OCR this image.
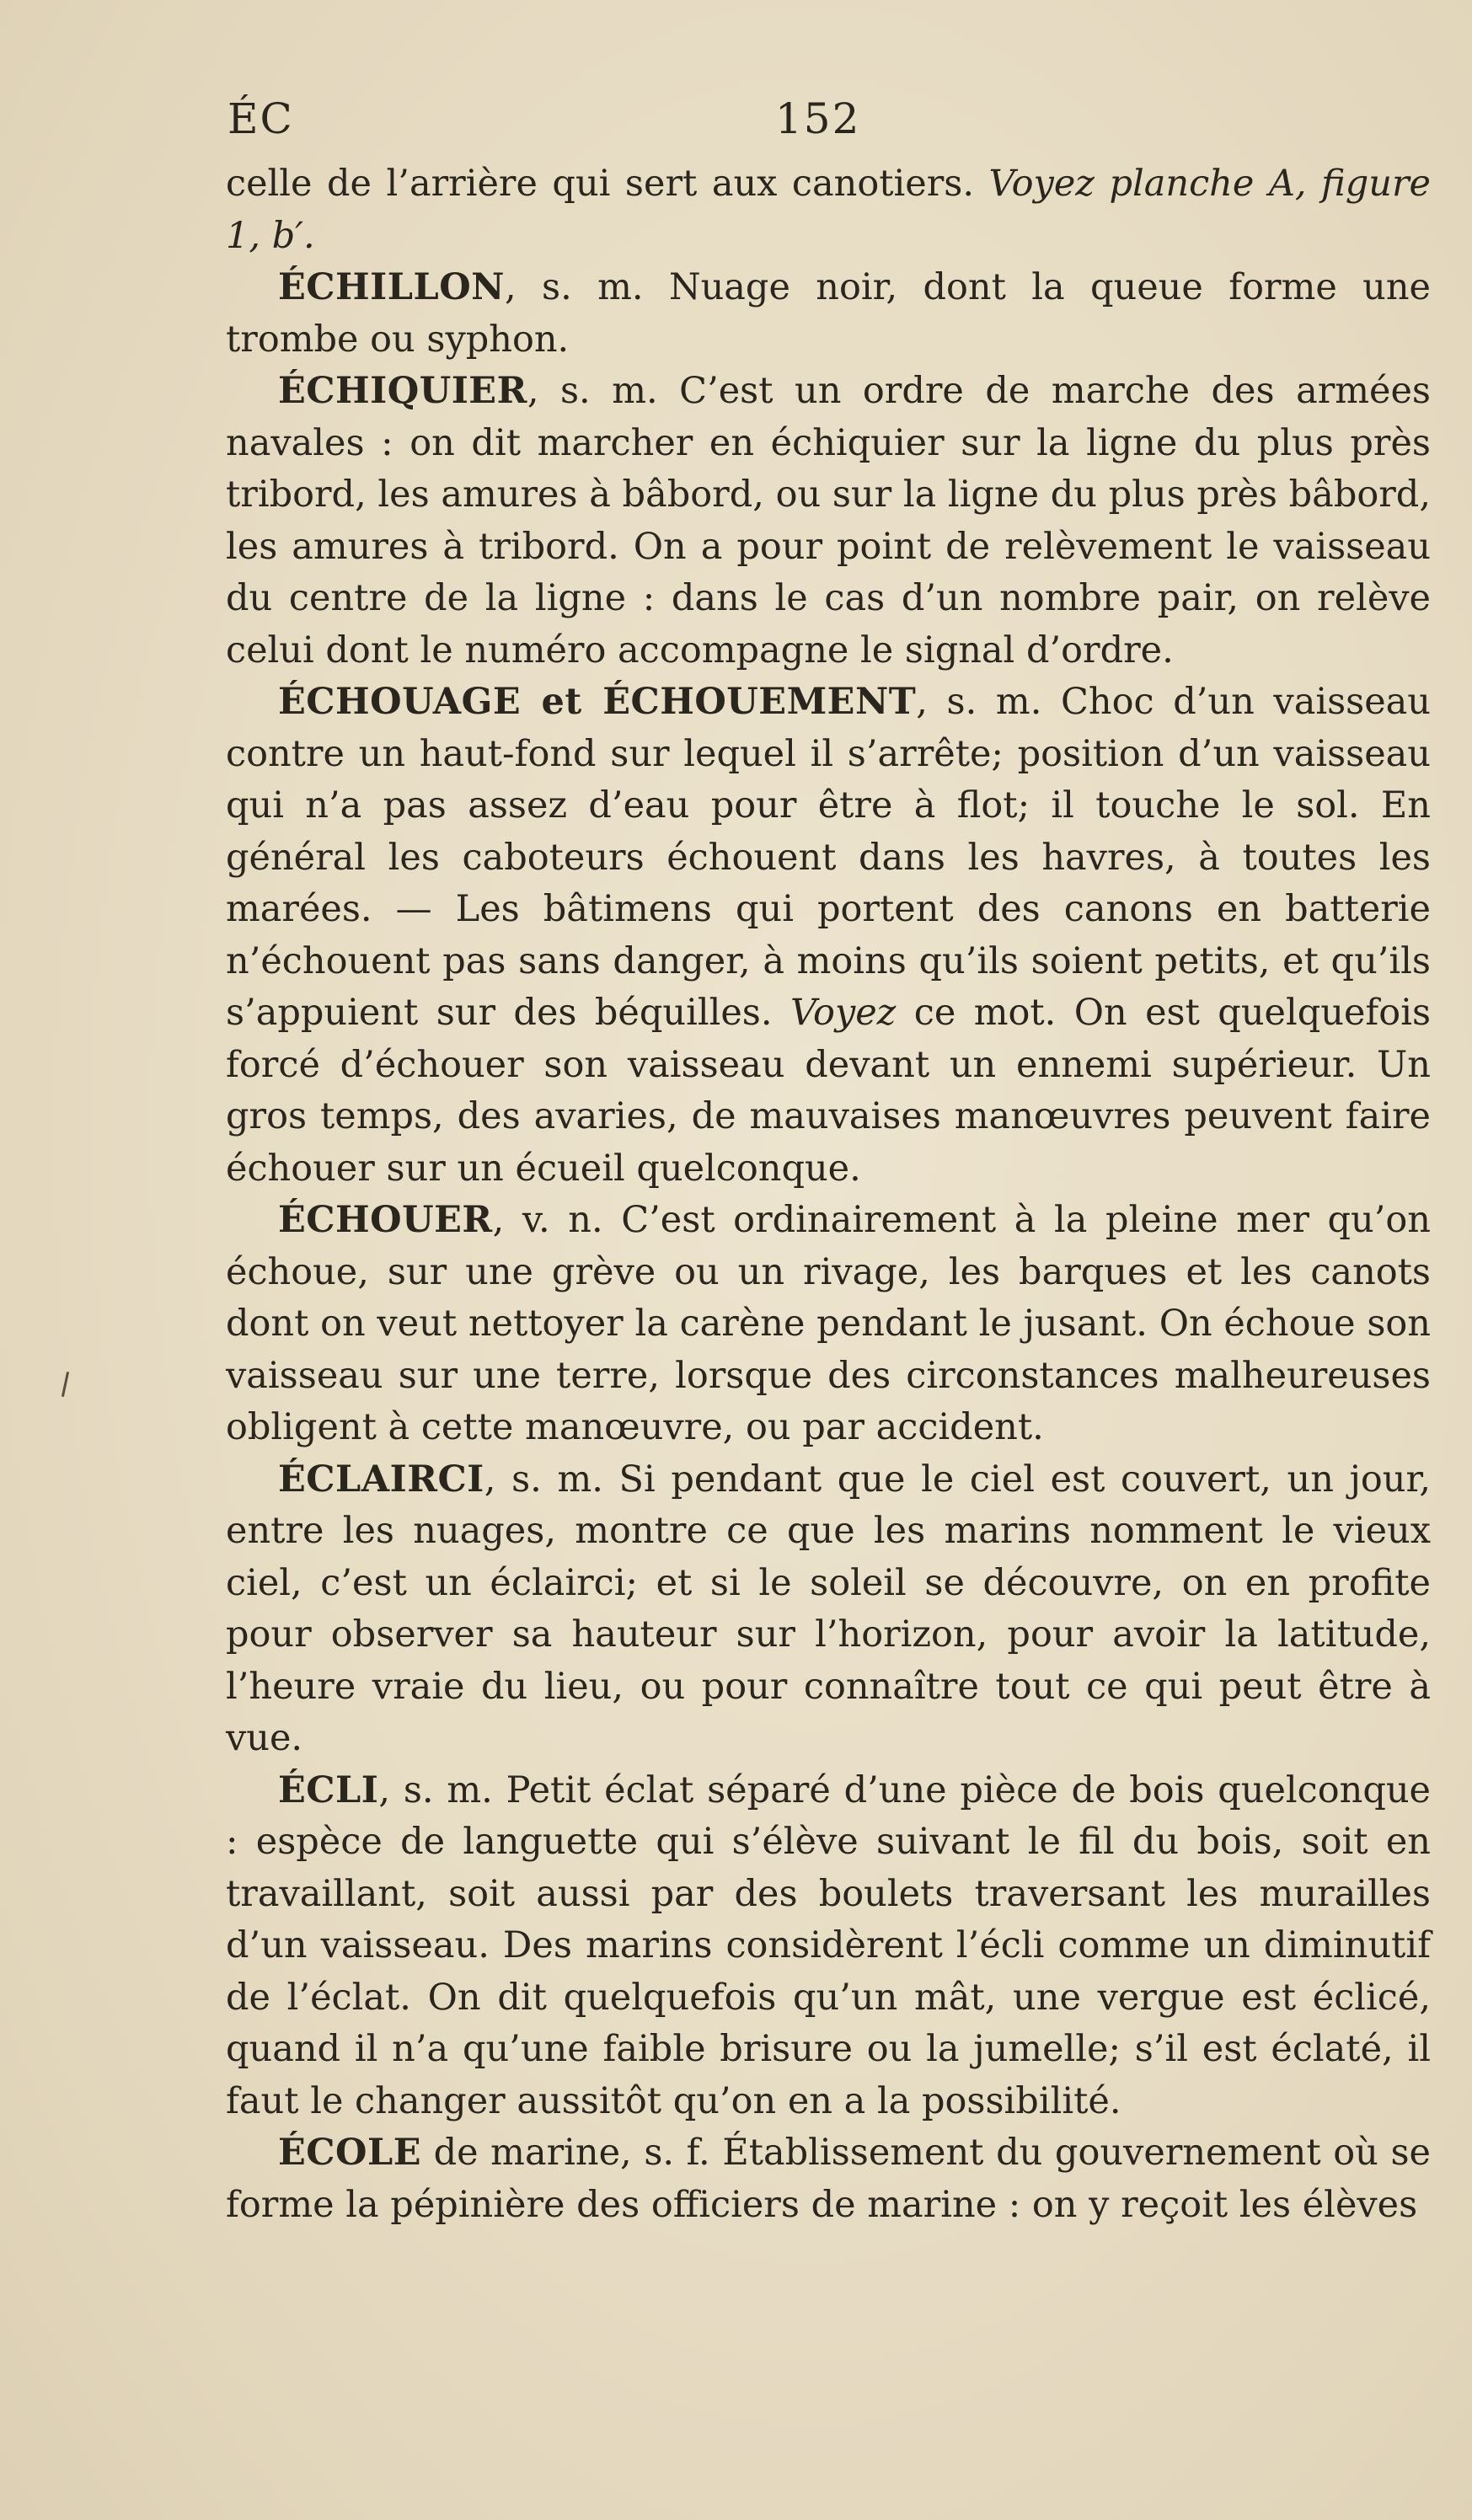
ÉC	152

celle de l’arrière qui sert aux canotiers. Voyez planche A, figure 1, b′.

ÉCHILLON, s. m. Nuage noir, dont la queue forme une trombe ou syphon.

ÉCHIQUIER, s. m. C’est un ordre de marche des armées navales : on dit marcher en échiquier sur la ligne du plus près tribord, les amures à bâbord, ou sur la ligne du plus près bâbord, les amures à tribord. On a pour point de relèvement le vaisseau du centre de la ligne : dans le cas d’un nombre pair, on relève celui dont le numéro accompagne le signal d’ordre.

ÉCHOUAGE et ÉCHOUEMENT, s. m. Choc d’un vaisseau contre un haut-fond sur lequel il s’arrête; position d’un vaisseau qui n’a pas assez d’eau pour être à flot; il touche le sol. En général les caboteurs échouent dans les havres, à toutes les marées. — Les bâtimens qui portent des canons en batterie n’échouent pas sans danger, à moins qu’ils soient petits, et qu’ils s’appuient sur des béquilles. Voyez ce mot. On est quelquefois forcé d’échouer son vaisseau devant un ennemi supérieur. Un gros temps, des avaries, de mauvaises manœuvres peuvent faire échouer sur un écueil quelconque.

ÉCHOUER, v. n. C’est ordinairement à la pleine mer qu’on échoue, sur une grève ou un rivage, les barques et les canots dont on veut nettoyer la carène pendant le jusant. On échoue son vaisseau sur une terre, lorsque des circonstances malheureuses obligent à cette manœuvre, ou par accident.

ÉCLAIRCI, s. m. Si pendant que le ciel est couvert, un jour, entre les nuages, montre ce que les marins nomment le vieux ciel, c’est un éclairci; et si le soleil se découvre, on en profite pour observer sa hauteur sur l’horizon, pour avoir la latitude, l’heure vraie du lieu, ou pour connaître tout ce qui peut être à vue.

ÉCLI, s. m. Petit éclat séparé d’une pièce de bois quelconque : espèce de languette qui s’élève suivant le fil du bois, soit en travaillant, soit aussi par des boulets traversant les murailles d’un vaisseau. Des marins considèrent l’écli comme un diminutif de l’éclat. On dit quelquefois qu’un mât, une vergue est éclicé, quand il n’a qu’une faible brisure ou la jumelle; s’il est éclaté, il faut le changer aussitôt qu’on en a la possibilité.

ÉCOLE de marine, s. f. Établissement du gouvernement où se forme la pépinière des officiers de marine : on y reçoit les élèves
